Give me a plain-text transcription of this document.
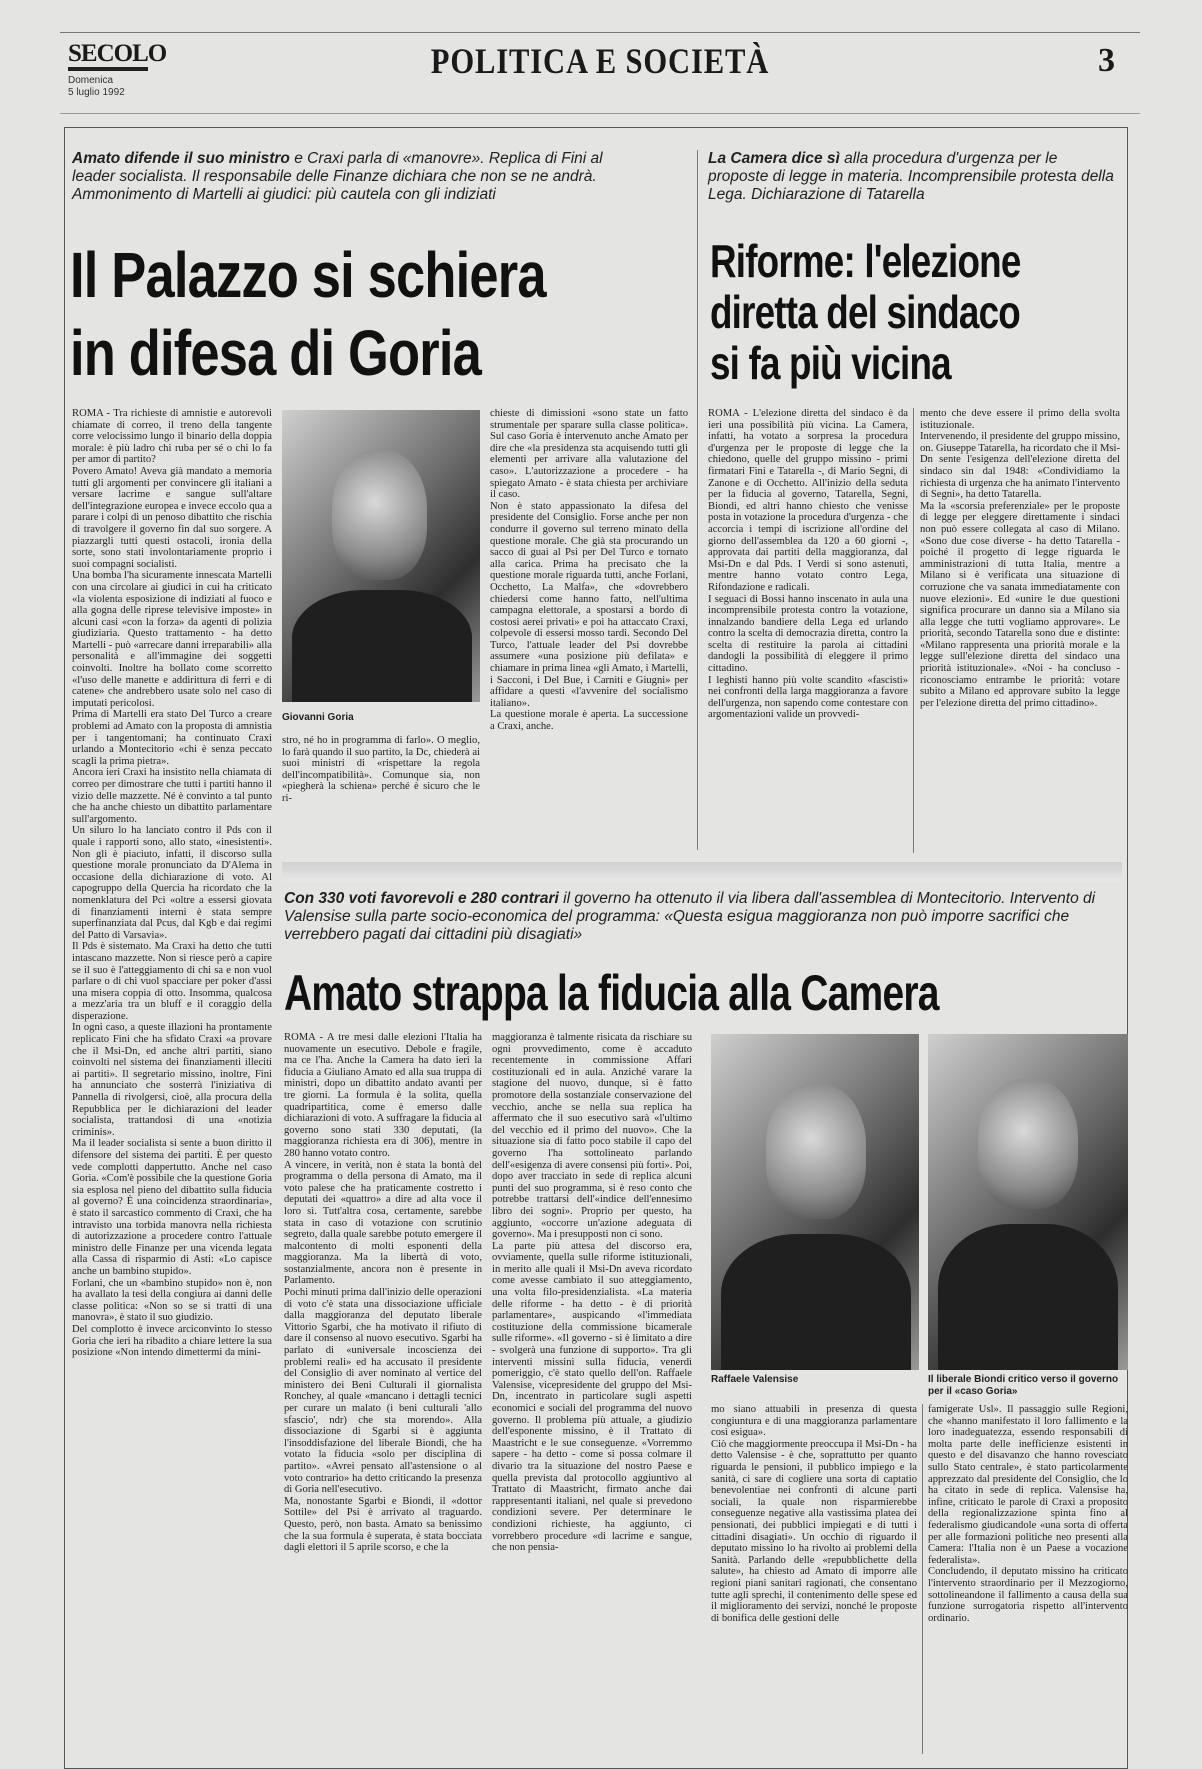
SECOLO
Domenica
5 luglio 1992
POLITICA E SOCIETÀ	3
Amato difende il suo ministro e Craxi parla di «manovre». Replica di Fini al leader socialista. Il responsabile delle Finanze dichiara che non se ne andrà. Ammonimento di Martelli ai giudici: più cautela con gli indiziati
Il Palazzo si schiera
in difesa di Goria
ROMA - Tra richieste di amnistie e autorevoli chiamate di correo, il treno della tangente corre velocissimo lungo il binario della doppia morale: è più ladro chi ruba per sé o chi lo fa per amor di partito?
Povero Amato! Aveva già mandato a memoria tutti gli argomenti per convincere gli italiani a versare lacrime e sangue sull'altare dell'integrazione europea e invece eccolo qua a parare i colpi di un penoso dibattito che rischia di travolgere il governo fin dal suo sorgere. A piazzargli tutti questi ostacoli, ironia della sorte, sono stati involontariamente proprio i suoi compagni socialisti.
Una bomba l'ha sicuramente innescata Martelli con una circolare ai giudici in cui ha criticato «la violenta esposizione di indiziati al fuoco e alla gogna delle riprese televisive imposte» in alcuni casi «con la forza» da agenti di polizia giudiziaria. Questo trattamento - ha detto Martelli - può «arrecare danni irreparabili» alla personalità e all'immagine dei soggetti coinvolti. Inoltre ha bollato come scorretto «l'uso delle manette e addirittura di ferri e di catene» che andrebbero usate solo nel caso di imputati pericolosi.
Prima di Martelli era stato Del Turco a creare problemi ad Amato con la proposta di amnistia per i tangentomani; ha continuato Craxi urlando a Montecitorio «chi è senza peccato scagli la prima pietra».
Ancora ieri Craxi ha insistito nella chiamata di correo per dimostrare che tutti i partiti hanno il vizio delle mazzette. Né è convinto a tal punto che ha anche chiesto un dibattito parlamentare sull'argomento.
Un siluro lo ha lanciato contro il Pds con il quale i rapporti sono, allo stato, «inesistenti». Non gli è piaciuto, infatti, il discorso sulla questione morale pronunciato da D'Alema in occasione della dichiarazione di voto. Al capogruppo della Quercia ha ricordato che la nomenklatura del Pci «oltre a essersi giovata di finanziamenti interni è stata sempre superfinanziata dal Pcus, dal Kgb e dai regimi del Patto di Varsavia».
Il Pds è sistemato. Ma Craxi ha detto che tutti intascano mazzette. Non si riesce però a capire se il suo è l'atteggiamento di chi sa e non vuol parlare o di chi vuol spacciare per poker d'assi una misera coppia di otto. Insomma, qualcosa a mezz'aria tra un bluff e il coraggio della disperazione.
In ogni caso, a queste illazioni ha prontamente replicato Fini che ha sfidato Craxi «a provare che il Msi-Dn, ed anche altri partiti, siano coinvolti nel sistema dei finanziamenti illeciti ai partiti». Il segretario missino, inoltre, Fini ha annunciato che sosterrà l'iniziativa di Pannella di rivolgersi, cioè, alla procura della Repubblica per le dichiarazioni del leader socialista, trattandosi di una «notizia criminis».
Ma il leader socialista si sente a buon diritto il difensore del sistema dei partiti. È per questo vede complotti dappertutto. Anche nel caso Goria. «Com'è possibile che la questione Goria sia esplosa nel pieno del dibattito sulla fiducia al governo? È una coincidenza straordinaria», è stato il sarcastico commento di Craxi, che ha intravisto una torbida manovra nella richiesta di autorizzazione a procedere contro l'attuale ministro delle Finanze per una vicenda legata alla Cassa di risparmio di Asti: «Lo capisce anche un bambino stupido».
Forlani, che un «bambino stupido» non è, non ha avallato la tesi della congiura ai danni delle classe politica: «Non so se si tratti di una manovra», è stato il suo giudizio.
Del complotto è invece arciconvinto lo stesso Goria che ieri ha ribadito a chiare lettere la sua posizione «Non intendo dimettermi da mini-
Giovanni Goria
stro, né ho in programma di farlo». O meglio, lo farà quando il suo partito, la Dc, chiederà ai suoi ministri di «rispettare la regola dell'incompatibilità». Comunque sia, non «piegherà la schiena» perché è sicuro che le ri-
chieste di dimissioni «sono state un fatto strumentale per sparare sulla classe politica». Sul caso Goria è intervenuto anche Amato per dire che «la presidenza sta acquisendo tutti gli elementi per arrivare alla valutazione del caso». L'autorizzazione a procedere - ha spiegato Amato - è stata chiesta per archiviare il caso.
Non è stato appassionato la difesa del presidente del Consiglio. Forse anche per non condurre il governo sul terreno minato della questione morale. Che già sta procurando un sacco di guai al Psi per Del Turco e tornato alla carica. Prima ha precisato che la questione morale riguarda tutti, anche Forlani, Occhetto, La Malfa», che «dovrebbero chiedersi come hanno fatto, nell'ultima campagna elettorale, a spostarsi a bordo di costosi aerei privati» e poi ha attaccato Craxi, colpevole di essersi mosso tardi. Secondo Del Turco, l'attuale leader del Psi dovrebbe assumere «una posizione più defilata» e chiamare in prima linea «gli Amato, i Martelli, i Sacconi, i Del Bue, i Carniti e Giugni» per affidare a questi «l'avvenire del socialismo italiano».
La questione morale è aperta. La successione a Craxi, anche.
La Camera dice sì alla procedura d'urgenza per le proposte di legge in materia. Incomprensibile protesta della Lega. Dichiarazione di Tatarella
Riforme: l'elezione
diretta del sindaco
si fa più vicina
ROMA - L'elezione diretta del sindaco è da ieri una possibilità più vicina. La Camera, infatti, ha votato a sorpresa la procedura d'urgenza per le proposte di legge che la chiedono, quelle del gruppo missino - primi firmatari Fini e Tatarella -, di Mario Segni, di Zanone e di Occhetto. All'inizio della seduta per la fiducia al governo, Tatarella, Segni, Biondi, ed altri hanno chiesto che venisse posta in votazione la procedura d'urgenza - che accorcia i tempi di iscrizione all'ordine del giorno dell'assemblea da 120 a 60 giorni -, approvata dai partiti della maggioranza, dal Msi-Dn e dal Pds. I Verdi si sono astenuti, mentre hanno votato contro Lega, Rifondazione e radicali.
I seguaci di Bossi hanno inscenato in aula una incomprensibile protesta contro la votazione, innalzando bandiere della Lega ed urlando contro la scelta di democrazia diretta, contro la scelta di restituire la parola ai cittadini dandogli la possibilità di eleggere il primo cittadino.
I leghisti hanno più volte scandito «fascisti» nei confronti della larga maggioranza a favore dell'urgenza, non sapendo come contestare con argomentazioni valide un provvedi-
mento che deve essere il primo della svolta istituzionale.
Intervenendo, il presidente del gruppo missino, on. Giuseppe Tatarella, ha ricordato che il Msi-Dn sente l'esigenza dell'elezione diretta del sindaco sin dal 1948: «Condividiamo la richiesta di urgenza che ha animato l'intervento di Segni», ha detto Tatarella.
Ma la «scorsia preferenziale» per le proposte di legge per eleggere direttamente i sindaci non può essere collegata al caso di Milano. «Sono due cose diverse - ha detto Tatarella - poiché il progetto di legge riguarda le amministrazioni di tutta Italia, mentre a Milano si è verificata una situazione di corruzione che va sanata immediatamente con nuove elezioni». Ed «unire le due questioni significa procurare un danno sia a Milano sia alla legge che tutti vogliamo approvare». Le priorità, secondo Tatarella sono due e distinte: «Milano rappresenta una priorità morale e la legge sull'elezione diretta del sindaco una priorità istituzionale». «Noi - ha concluso - riconosciamo entrambe le priorità: votare subito a Milano ed approvare subito la legge per l'elezione diretta del primo cittadino».
Con 330 voti favorevoli e 280 contrari il governo ha ottenuto il via libera dall'assemblea di Montecitorio. Intervento di Valensise sulla parte socio-economica del programma: «Questa esigua maggioranza non può imporre sacrifici che verrebbero pagati dai cittadini più disagiati»
Amato strappa la fiducia alla Camera
ROMA - A tre mesi dalle elezioni l'Italia ha nuovamente un esecutivo. Debole e fragile, ma ce l'ha. Anche la Camera ha dato ieri la fiducia a Giuliano Amato ed alla sua truppa di ministri, dopo un dibattito andato avanti per tre giorni. La formula è la solita, quella quadripartitica, come è emerso dalle dichiarazioni di voto. A suffragare la fiducia al governo sono stati 330 deputati, (la maggioranza richiesta era di 306), mentre in 280 hanno votato contro.
A vincere, in verità, non è stata la bontà del programma o della persona di Amato, ma il voto palese che ha praticamente costretto i deputati dei «quattro» a dire ad alta voce il loro sì. Tutt'altra cosa, certamente, sarebbe stata in caso di votazione con scrutinio segreto, dalla quale sarebbe potuto emergere il malcontento di molti esponenti della maggioranza. Ma la libertà di voto, sostanzialmente, ancora non è presente in Parlamento.
Pochi minuti prima dall'inizio delle operazioni di voto c'è stata una dissociazione ufficiale dalla maggioranza del deputato liberale Vittorio Sgarbi, che ha motivato il rifiuto di dare il consenso al nuovo esecutivo. Sgarbi ha parlato di «universale incoscienza dei problemi reali» ed ha accusato il presidente del Consiglio di aver nominato al vertice del ministero dei Beni Culturali il giornalista Ronchey, al quale «mancano i dettagli tecnici per curare un malato (i beni culturali 'allo sfascio', ndr) che sta morendo». Alla dissociazione di Sgarbi si è aggiunta l'insoddisfazione del liberale Biondi, che ha votato la fiducia «solo per disciplina di partito». «Avrei pensato all'astensione o al voto contrario» ha detto criticando la presenza di Goria nell'esecutivo.
Ma, nonostante Sgarbi e Biondi, il «dottor Sottile» del Psi è arrivato al traguardo. Questo, però, non basta. Amato sa benissimo che la sua formula è superata, è stata bocciata dagli elettori il 5 aprile scorso, e che la
maggioranza è talmente risicata da rischiare su ogni provvedimento, come è accaduto recentemente in commissione Affari costituzionali ed in aula. Anziché varare la stagione del nuovo, dunque, si è fatto promotore della sostanziale conservazione del vecchio, anche se nella sua replica ha affermato che il suo esecutivo sarà «l'ultimo del vecchio ed il primo del nuovo». Che la situazione sia di fatto poco stabile il capo del governo l'ha sottolineato parlando dell'«esigenza di avere consensi più forti». Poi, dopo aver tracciato in sede di replica alcuni punti del suo programma, si è reso conto che potrebbe trattarsi dell'«indice dell'ennesimo libro dei sogni». Proprio per questo, ha aggiunto, «occorre un'azione adeguata di governo». Ma i presupposti non ci sono.
La parte più attesa del discorso era, ovviamente, quella sulle riforme istituzionali, in merito alle quali il Msi-Dn aveva ricordato come avesse cambiato il suo atteggiamento, una volta filo-presidenzialista. «La materia delle riforme - ha detto - è di priorità parlamentare», auspicando «l'immediata costituzione della commissione bicamerale sulle riforme». «Il governo - si è limitato a dire - svolgerà una funzione di supporto». Tra gli interventi missini sulla fiducia, venerdì pomeriggio, c'è stato quello dell'on. Raffaele Valensise, vicepresidente del gruppo del Msi-Dn, incentrato in particolare sugli aspetti economici e sociali del programma del nuovo governo. Il problema più attuale, a giudizio dell'esponente missino, è il Trattato di Maastricht e le sue conseguenze. «Vorremmo sapere - ha detto - come si possa colmare il divario tra la situazione del nostro Paese e quella prevista dal protocollo aggiuntivo al Trattato di Maastricht, firmato anche dai rappresentanti italiani, nel quale si prevedono condizioni severe. Per determinare le condizioni richieste, ha aggiunto, ci vorrebbero procedure «di lacrime e sangue, che non pensia-
Raffaele Valensise	Il liberale Biondi critico verso il governo per il «caso Goria»
mo siano attuabili in presenza di questa congiuntura e di una maggioranza parlamentare così esigua».
Ciò che maggiormente preoccupa il Msi-Dn - ha detto Valensise - è che, soprattutto per quanto riguarda le pensioni, il pubblico impiego e la sanità, ci sare di cogliere una sorta di captatio benevolentiae nei confronti di alcune parti sociali, la quale non risparmierebbe conseguenze negative alla vastissima platea dei pensionati, dei pubblici impiegati e di tutti i cittadini disagiati». Un occhio di riguardo il deputato missino lo ha rivolto ai problemi della Sanità. Parlando delle «repubblichette della salute», ha chiesto ad Amato di imporre alle regioni piani sanitari ragionati, che consentano tutte agli sprechi, il contenimento delle spese ed il miglioramento dei servizi, nonché le proposte di bonifica delle gestioni delle
famigerate Usl». Il passaggio sulle Regioni, che «hanno manifestato il loro fallimento e la loro inadeguatezza, essendo responsabili di molta parte delle inefficienze esistenti in questo e del disavanzo che hanno rovesciato sullo Stato centrale», è stato particolarmente apprezzato dal presidente del Consiglio, che lo ha citato in sede di replica. Valensise ha, infine, criticato le parole di Craxi a proposito della regionalizzazione spinta fino al federalismo giudicandole «una sorta di offerta per alle formazioni politiche neo presenti alla Camera: l'Italia non è un Paese a vocazione federalista».
Concludendo, il deputato missino ha criticato l'intervento straordinario per il Mezzogiorno, sottolineandone il fallimento a causa della sua funzione surrogatoria rispetto all'intervento ordinario.
